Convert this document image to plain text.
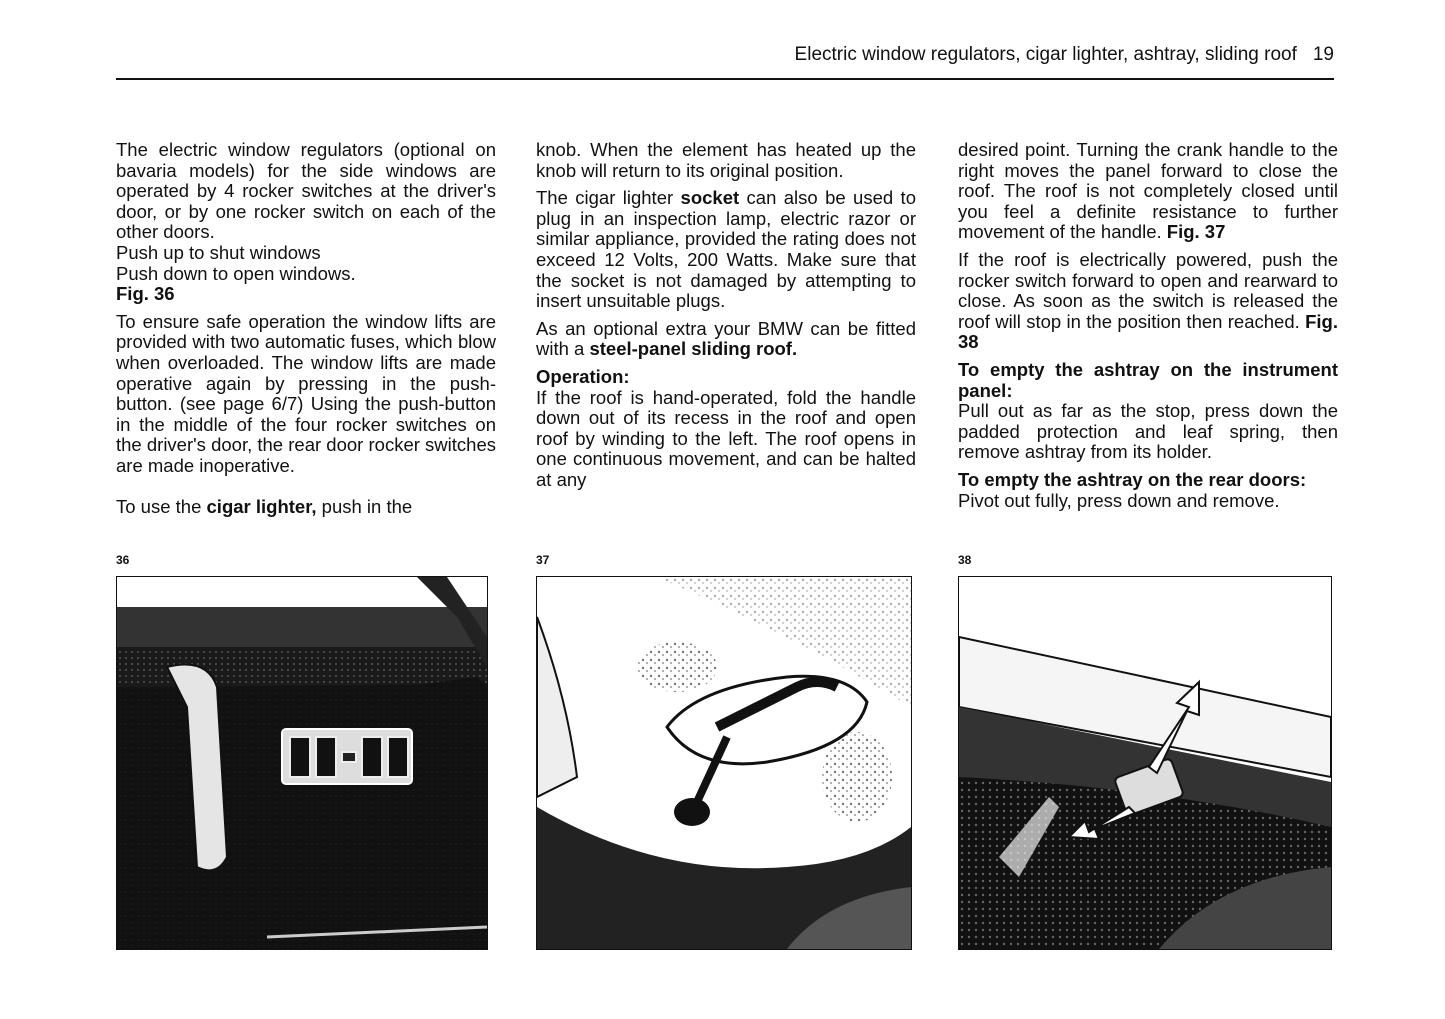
Electric window regulators, cigar lighter, ashtray, sliding roof 19

The electric window regulators (optional on bavaria models) for the side windows are operated by 4 rocker switches at the driver's door, or by one rocker switch on each of the other doors.

Push up to shut windows

Push down to open windows.

Fig. 36

To ensure safe operation the window lifts are provided with two automatic fuses, which blow when overloaded. The window lifts are made operative again by pressing in the push-button. (see page 6/7) Using the push-button in the middle of the four rocker switches on the driver's door, the rear door rocker switches are made inoperative.

To use the cigar lighter, push in the

knob. When the element has heated up the knob will return to its original position.

The cigar lighter socket can also be used to plug in an inspection lamp, electric razor or similar appliance, provided the rating does not exceed 12 Volts, 200 Watts. Make sure that the socket is not damaged by attempting to insert unsuitable plugs.

As an optional extra your BMW can be fitted with a steel-panel sliding roof.

Operation:

If the roof is hand-operated, fold the handle down out of its recess in the roof and open roof by winding to the left. The roof opens in one continuous movement, and can be halted at any

desired point. Turning the crank handle to the right moves the panel forward to close the roof. The roof is not completely closed until you feel a definite resistance to further movement of the handle. Fig. 37

If the roof is electrically powered, push the rocker switch forward to open and rearward to close. As soon as the switch is released the roof will stop in the position then reached. Fig. 38

To empty the ashtray on the instrument panel:

Pull out as far as the stop, press down the padded protection and leaf spring, then remove ashtray from its holder.

To empty the ashtray on the rear doors:

Pivot out fully, press down and remove.

36	37	38
